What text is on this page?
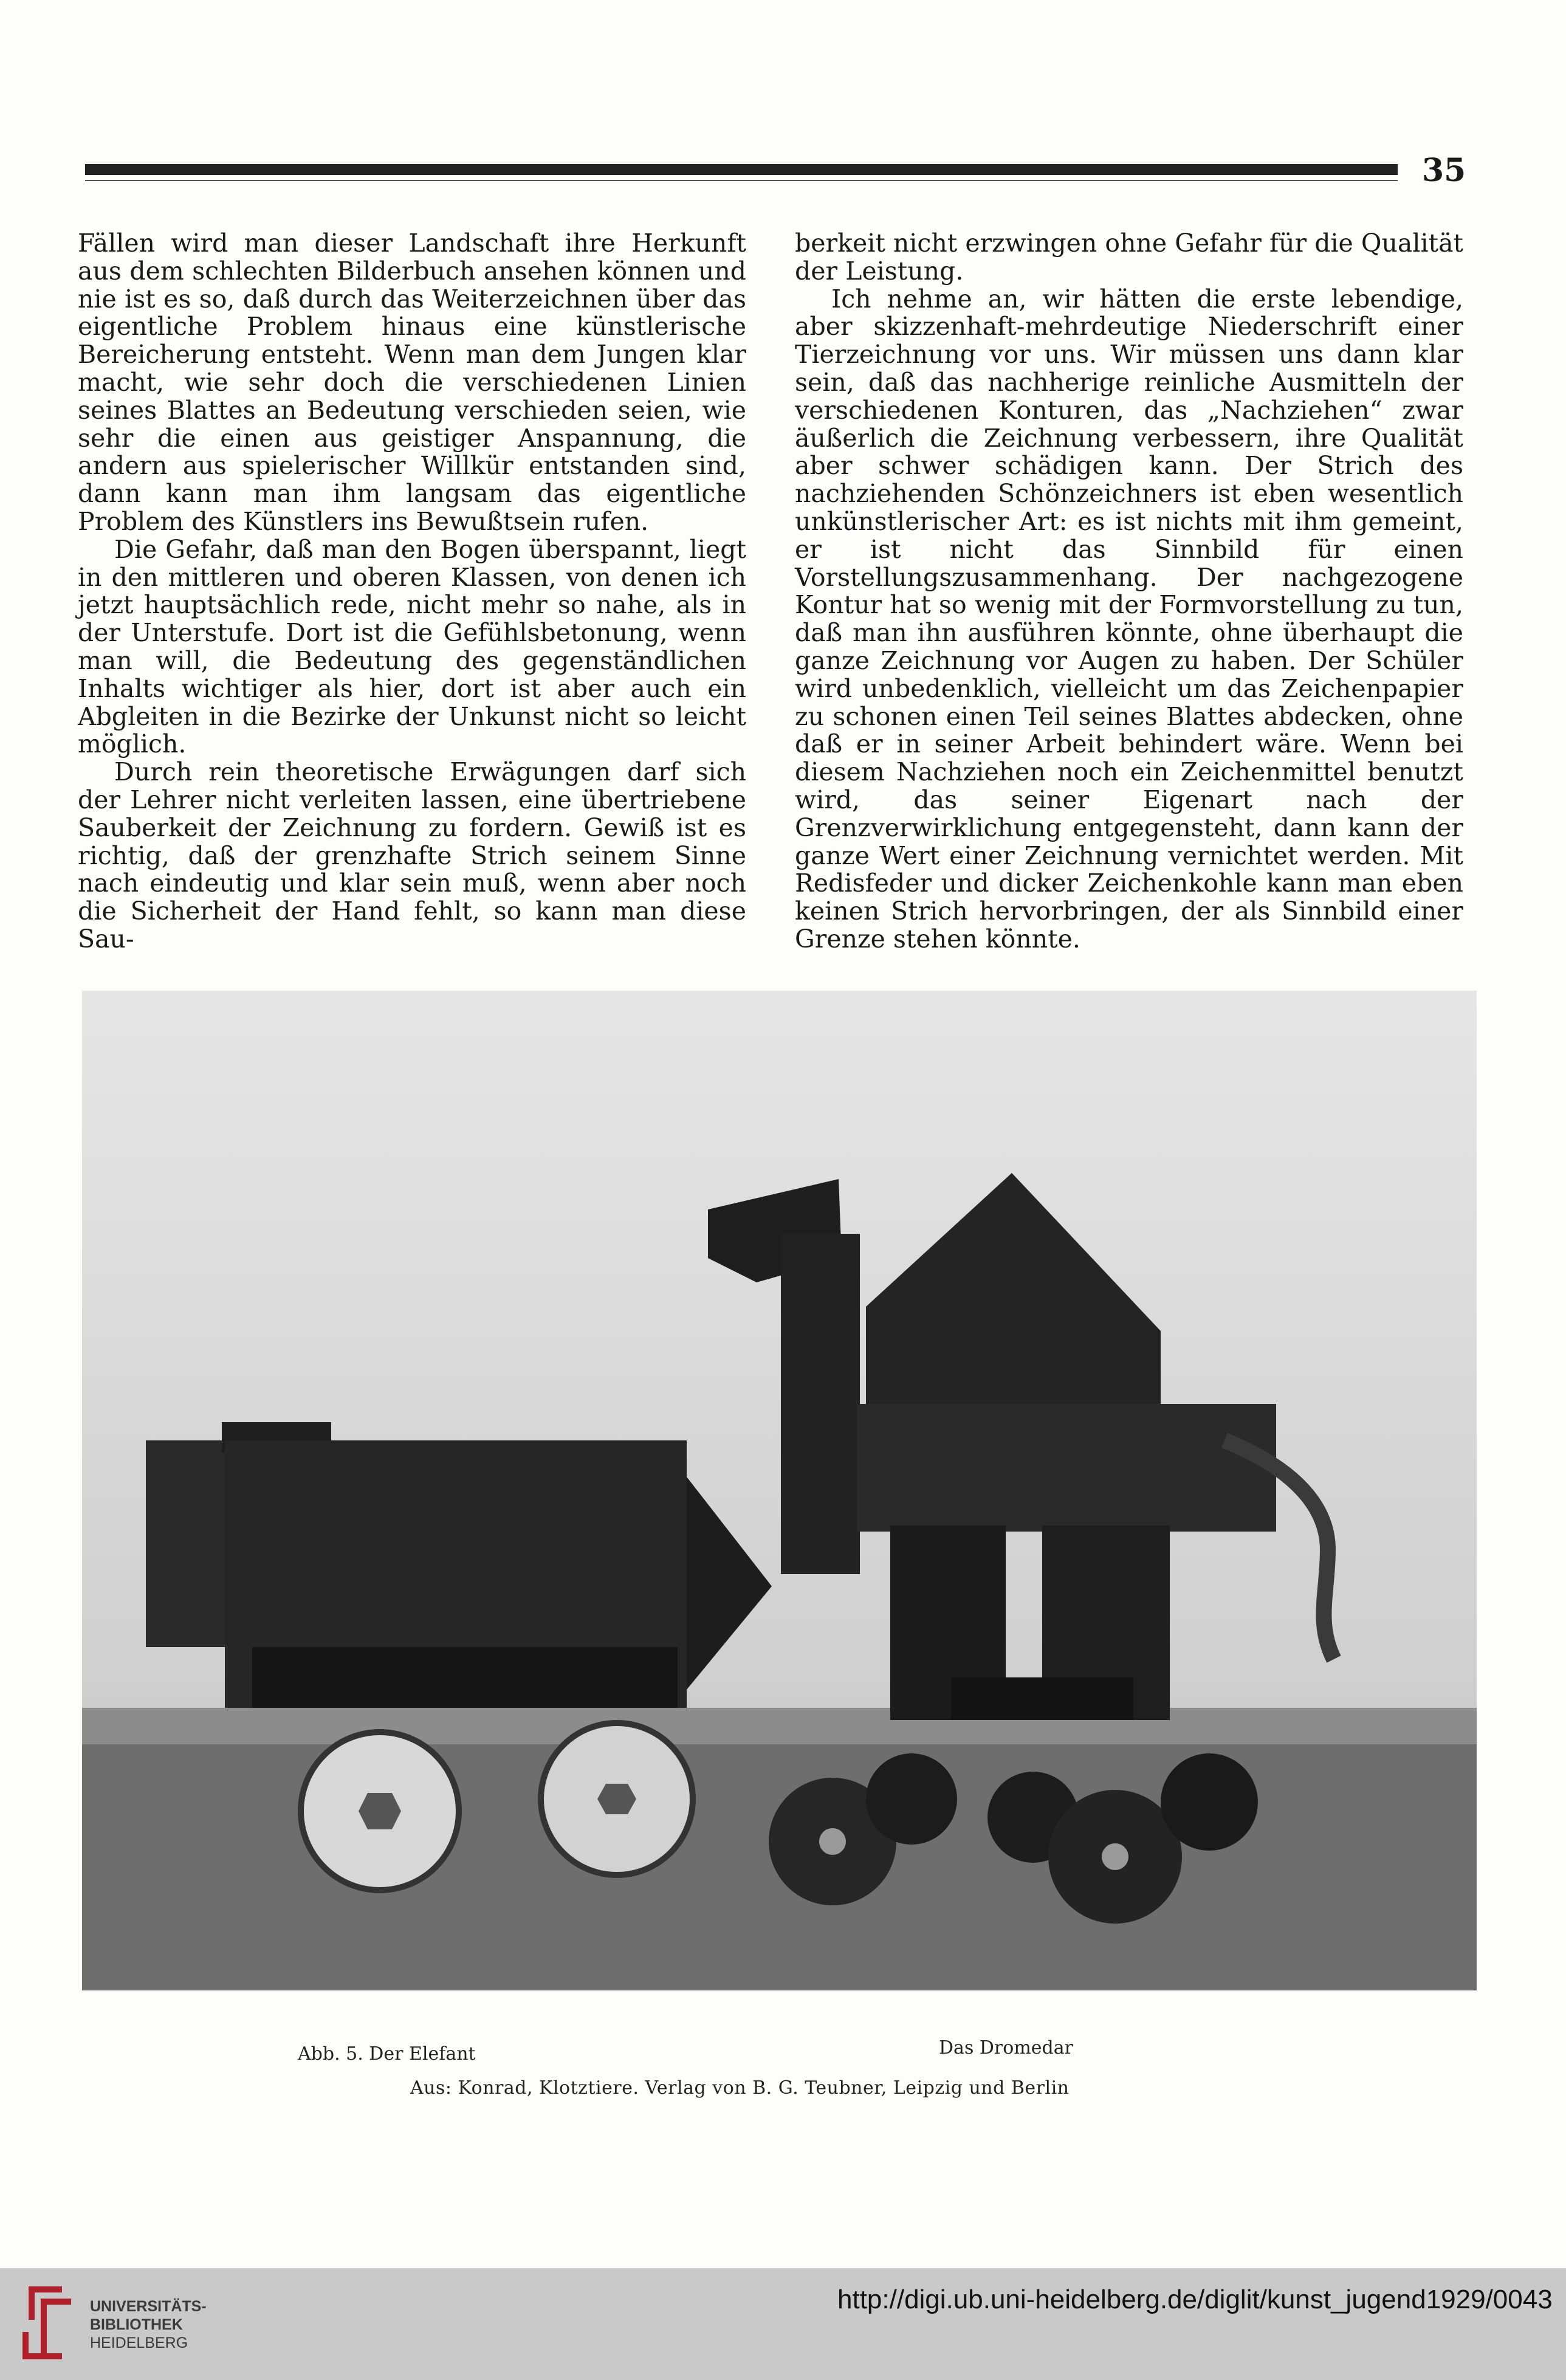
35

Fällen wird man dieser Landschaft ihre Herkunft aus dem schlechten Bilderbuch ansehen können und nie ist es so, daß durch das Weiterzeichnen über das eigentliche Problem hinaus eine künstlerische Bereicherung entsteht. Wenn man dem Jungen klar macht, wie sehr doch die verschiedenen Linien seines Blattes an Bedeutung verschieden seien, wie sehr die einen aus geistiger Anspannung, die andern aus spielerischer Willkür entstanden sind, dann kann man ihm langsam das eigentliche Problem des Künstlers ins Bewußtsein rufen.

Die Gefahr, daß man den Bogen überspannt, liegt in den mittleren und oberen Klassen, von denen ich jetzt hauptsächlich rede, nicht mehr so nahe, als in der Unterstufe. Dort ist die Gefühlsbetonung, wenn man will, die Bedeutung des gegenständlichen Inhalts wichtiger als hier, dort ist aber auch ein Abgleiten in die Bezirke der Unkunst nicht so leicht möglich.

Durch rein theoretische Erwägungen darf sich der Lehrer nicht verleiten lassen, eine übertriebene Sauberkeit der Zeichnung zu fordern. Gewiß ist es richtig, daß der grenzhafte Strich seinem Sinne nach eindeutig und klar sein muß, wenn aber noch die Sicherheit der Hand fehlt, so kann man diese Sau-

berkeit nicht erzwingen ohne Gefahr für die Qualität der Leistung.

Ich nehme an, wir hätten die erste lebendige, aber skizzenhaft-mehrdeutige Niederschrift einer Tierzeichnung vor uns. Wir müssen uns dann klar sein, daß das nachherige reinliche Ausmitteln der verschiedenen Konturen, das „Nachziehen“ zwar äußerlich die Zeichnung verbessern, ihre Qualität aber schwer schädigen kann. Der Strich des nachziehenden Schönzeichners ist eben wesentlich unkünstlerischer Art: es ist nichts mit ihm gemeint, er ist nicht das Sinnbild für einen Vorstellungszusammenhang. Der nachgezogene Kontur hat so wenig mit der Formvorstellung zu tun, daß man ihn ausführen könnte, ohne überhaupt die ganze Zeichnung vor Augen zu haben. Der Schüler wird unbedenklich, vielleicht um das Zeichenpapier zu schonen einen Teil seines Blattes abdecken, ohne daß er in seiner Arbeit behindert wäre. Wenn bei diesem Nachziehen noch ein Zeichenmittel benutzt wird, das seiner Eigenart nach der Grenzverwirklichung entgegensteht, dann kann der ganze Wert einer Zeichnung vernichtet werden. Mit Redisfeder und dicker Zeichenkohle kann man eben keinen Strich hervorbringen, der als Sinnbild einer Grenze stehen könnte.

Abb. 5. Der Elefant	Das Dromedar
Aus: Konrad, Klotztiere. Verlag von B. G. Teubner, Leipzig und Berlin
UNIVERSITÄTS-
BIBLIOTHEK
HEIDELBERG
http://digi.ub.uni-heidelberg.de/diglit/kunst_jugend1929/0043
